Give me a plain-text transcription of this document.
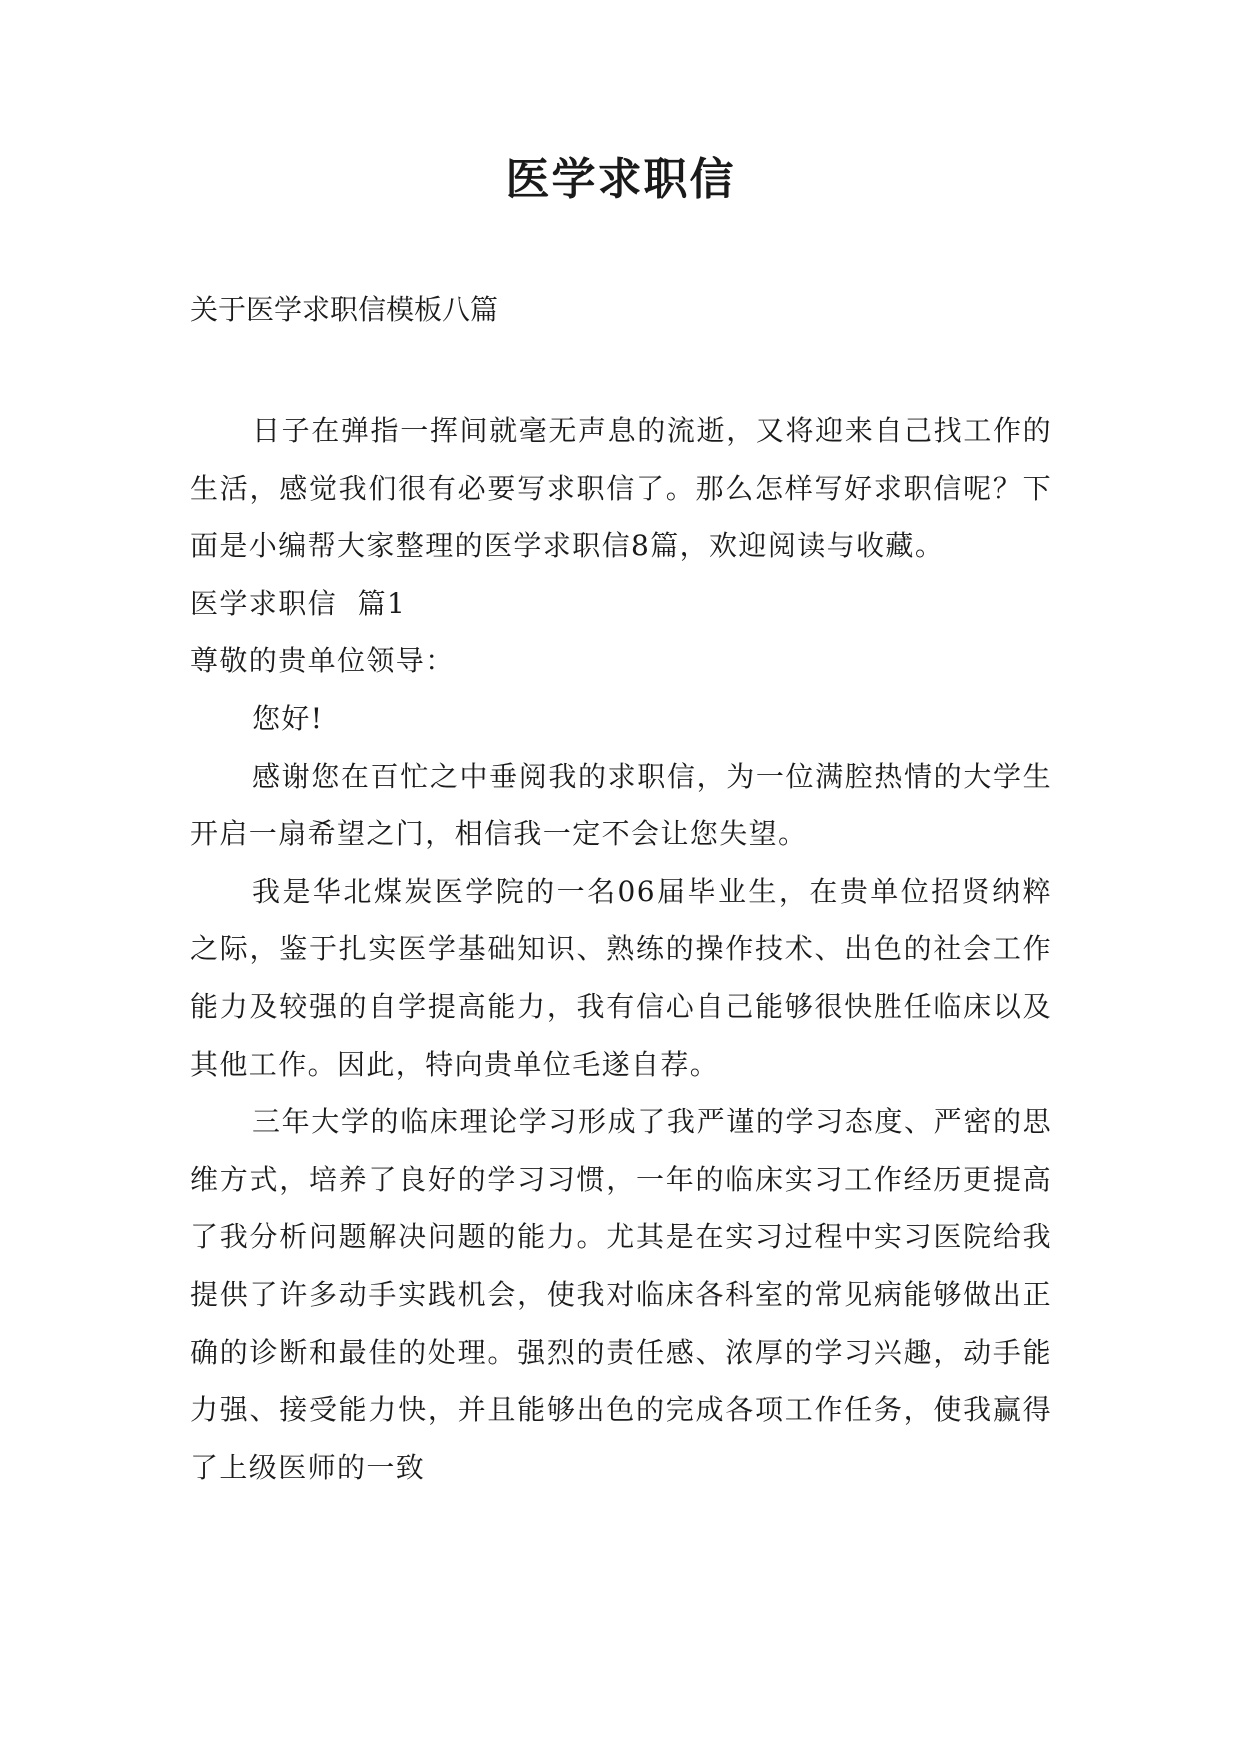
医学求职信

关于医学求职信模板八篇

日子在弹指一挥间就毫无声息的流逝，又将迎来自己找工作的生活，感觉我们很有必要写求职信了。那么怎样写好求职信呢？下面是小编帮大家整理的医学求职信8篇，欢迎阅读与收藏。

医学求职信  篇1

尊敬的贵单位领导：

您好!

感谢您在百忙之中垂阅我的求职信，为一位满腔热情的大学生开启一扇希望之门，相信我一定不会让您失望。

我是华北煤炭医学院的一名06届毕业生，在贵单位招贤纳粹之际，鉴于扎实医学基础知识、熟练的操作技术、出色的社会工作能力及较强的自学提高能力，我有信心自己能够很快胜任临床以及其他工作。因此，特向贵单位毛遂自荐。

三年大学的临床理论学习形成了我严谨的学习态度、严密的思维方式，培养了良好的学习习惯，一年的临床实习工作经历更提高了我分析问题解决问题的能力。尤其是在实习过程中实习医院给我提供了许多动手实践机会，使我对临床各科室的常见病能够做出正确的诊断和最佳的处理。强烈的责任感、浓厚的学习兴趣，动手能力强、接受能力快，并且能够出色的完成各项工作任务，使我赢得了上级医师的一致
